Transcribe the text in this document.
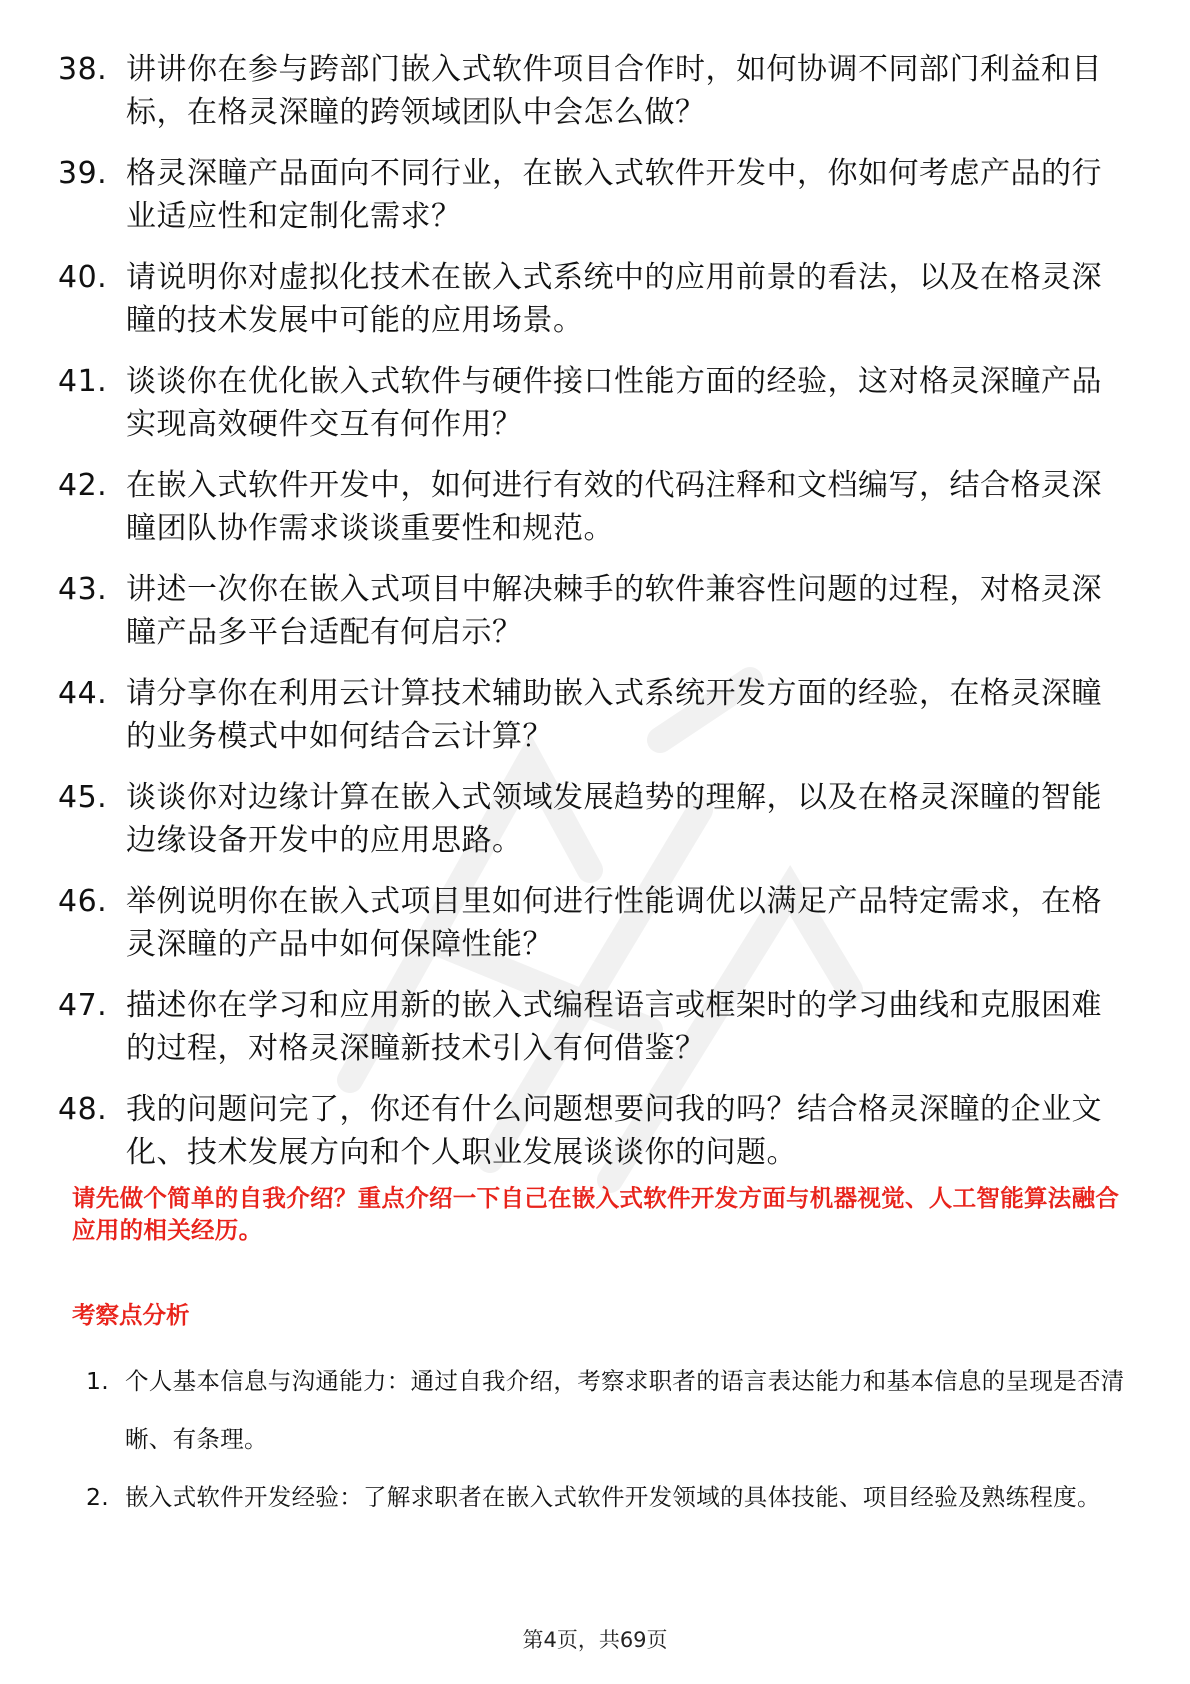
38. 讲讲你在参与跨部门嵌入式软件项目合作时，如何协调不同部门利益和目标，在格灵深瞳的跨领域团队中会怎么做？
39. 格灵深瞳产品面向不同行业，在嵌入式软件开发中，你如何考虑产品的行业适应性和定制化需求？
40. 请说明你对虚拟化技术在嵌入式系统中的应用前景的看法，以及在格灵深瞳的技术发展中可能的应用场景。
41. 谈谈你在优化嵌入式软件与硬件接口性能方面的经验，这对格灵深瞳产品实现高效硬件交互有何作用？
42. 在嵌入式软件开发中，如何进行有效的代码注释和文档编写，结合格灵深瞳团队协作需求谈谈重要性和规范。
43. 讲述一次你在嵌入式项目中解决棘手的软件兼容性问题的过程，对格灵深瞳产品多平台适配有何启示？
44. 请分享你在利用云计算技术辅助嵌入式系统开发方面的经验，在格灵深瞳的业务模式中如何结合云计算？
45. 谈谈你对边缘计算在嵌入式领域发展趋势的理解，以及在格灵深瞳的智能边缘设备开发中的应用思路。
46. 举例说明你在嵌入式项目里如何进行性能调优以满足产品特定需求，在格灵深瞳的产品中如何保障性能？
47. 描述你在学习和应用新的嵌入式编程语言或框架时的学习曲线和克服困难的过程，对格灵深瞳新技术引入有何借鉴？
48. 我的问题问完了，你还有什么问题想要问我的吗？结合格灵深瞳的企业文化、技术发展方向和个人职业发展谈谈你的问题。
请先做个简单的自我介绍？重点介绍一下自己在嵌入式软件开发方面与机器视觉、人工智能算法融合应用的相关经历。
考察点分析
1. 个人基本信息与沟通能力：通过自我介绍，考察求职者的语言表达能力和基本信息的呈现是否清晰、有条理。
2. 嵌入式软件开发经验：了解求职者在嵌入式软件开发领域的具体技能、项目经验及熟练程度。
第4页，共69页
